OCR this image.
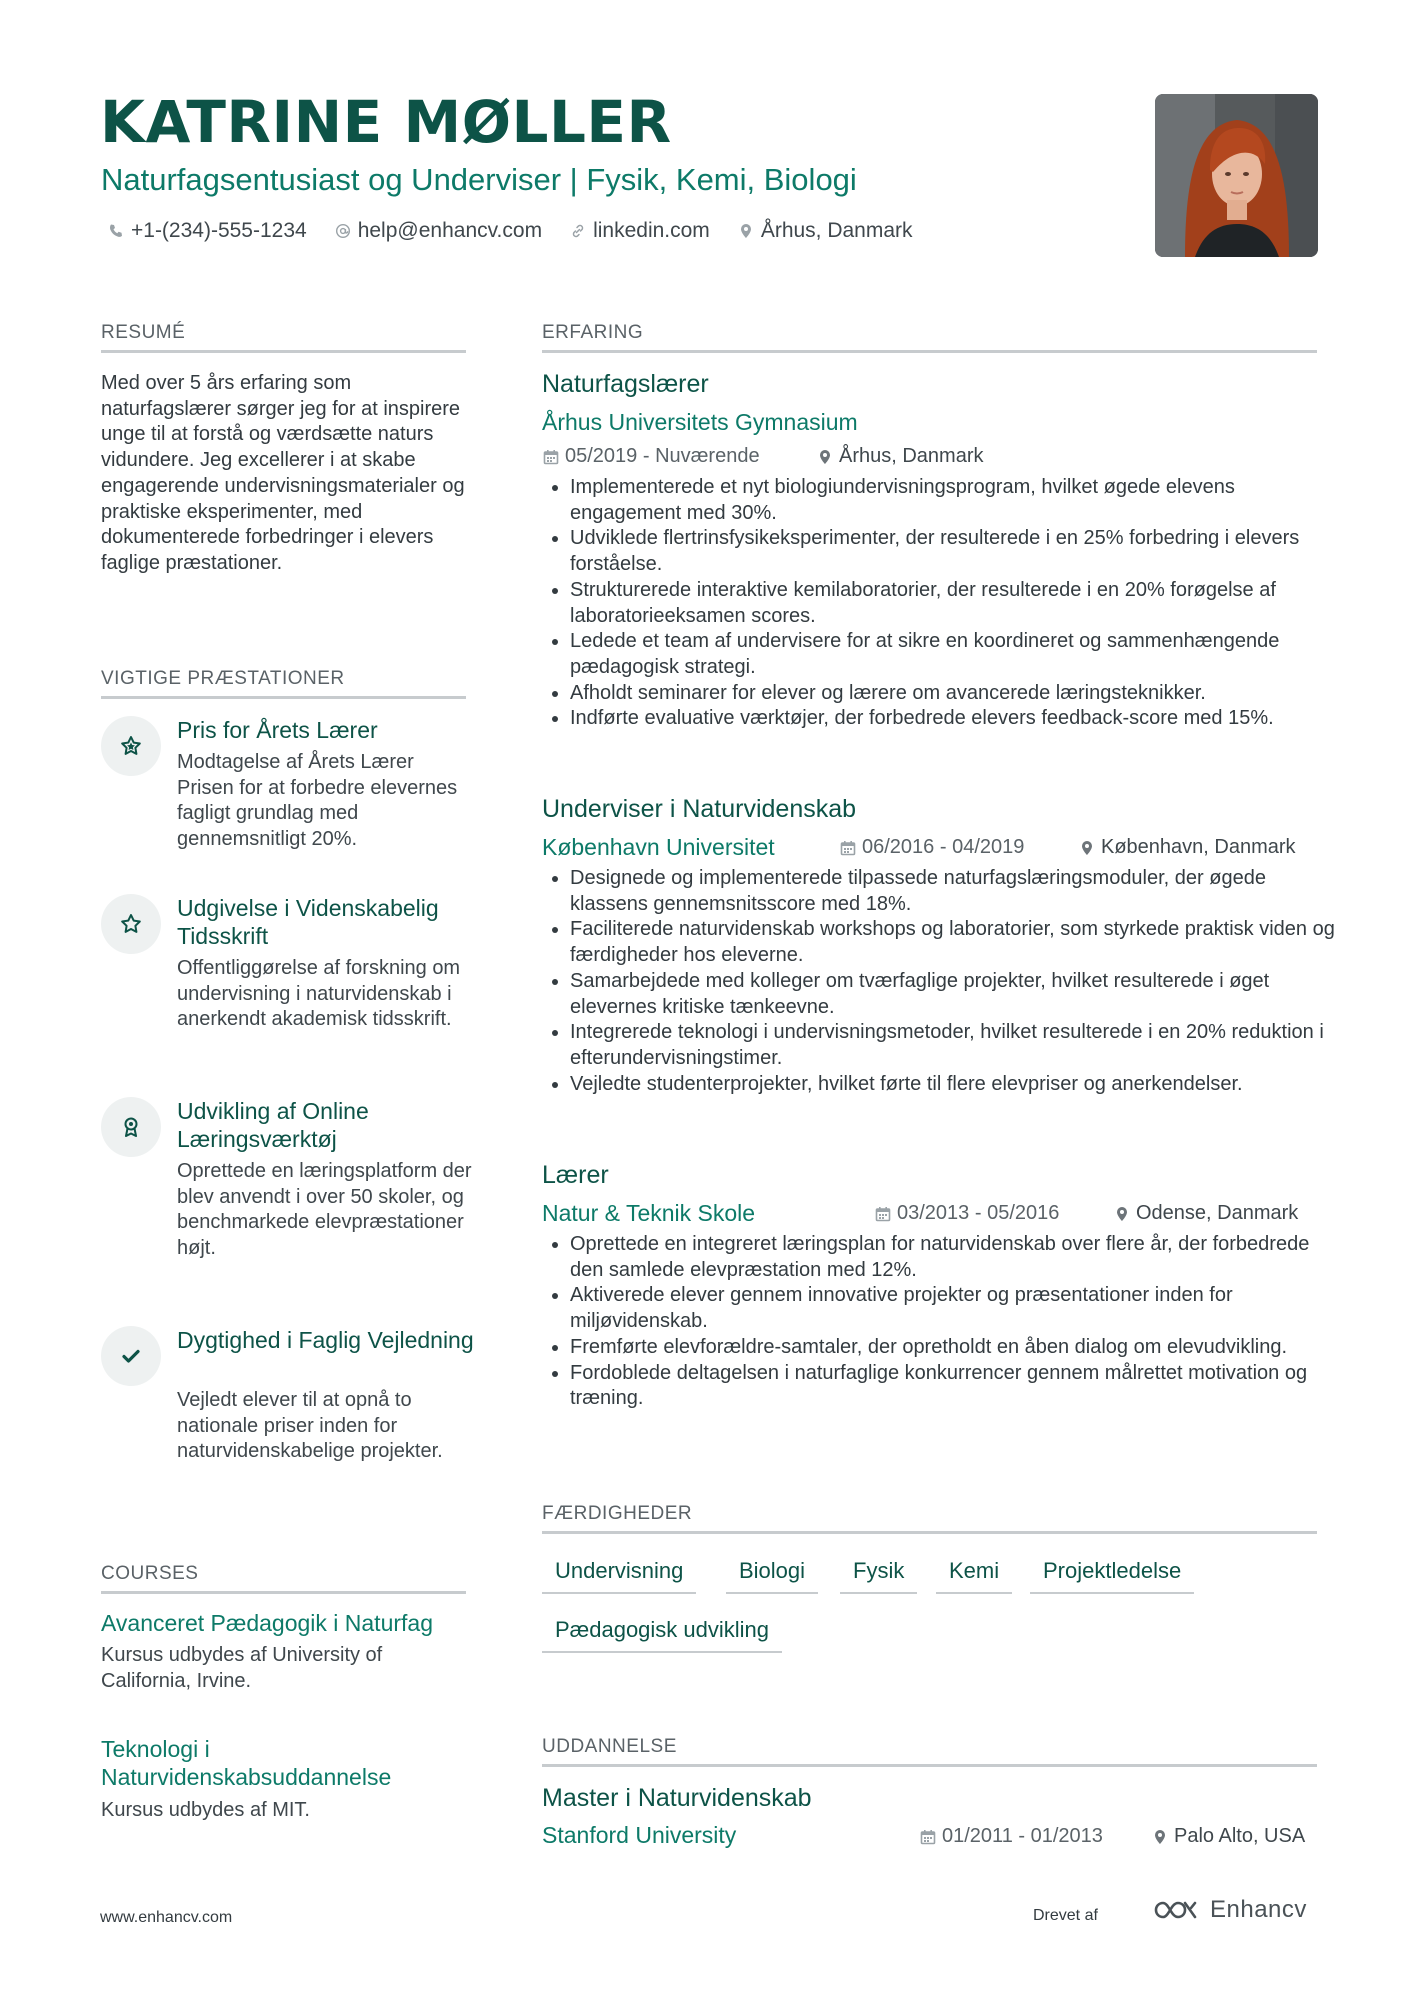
KATRINE MØLLER
Naturfagsentusiast og Underviser | Fysik, Kemi, Biologi
+1-(234)-555-1234 help@enhancv.com linkedin.com Århus, Danmark
RESUMÉ
Med over 5 års erfaring som naturfagslærer sørger jeg for at inspirere unge til at forstå og værdsætte naturs vidundere. Jeg excellerer i at skabe engagerende undervisningsmaterialer og praktiske eksperimenter, med dokumenterede forbedringer i elevers faglige præstationer.
VIGTIGE PRÆSTATIONER
Pris for Årets Lærer
Modtagelse af Årets Lærer Prisen for at forbedre elevernes fagligt grundlag med gennemsnitligt 20%.
Udgivelse i Videnskabelig Tidsskrift
Offentliggørelse af forskning om undervisning i naturvidenskab i anerkendt akademisk tidsskrift.
Udvikling af Online Læringsværktøj
Oprettede en læringsplatform der blev anvendt i over 50 skoler, og benchmarkede elevpræstationer højt.
Dygtighed i Faglig Vejledning
Vejledt elever til at opnå to nationale priser inden for naturvidenskabelige projekter.
COURSES
Avanceret Pædagogik i Naturfag
Kursus udbydes af University of California, Irvine.
Teknologi i Naturvidenskabsuddannelse
Kursus udbydes af MIT.
ERFARING
Naturfagslærer
Århus Universitets Gymnasium
05/2019 - Nuværende	Århus, Danmark
• Implementerede et nyt biologiundervisningsprogram, hvilket øgede elevens engagement med 30%.
• Udviklede flertrinsfysikeksperimenter, der resulterede i en 25% forbedring i elevers forståelse.
• Strukturerede interaktive kemilaboratorier, der resulterede i en 20% forøgelse af laboratorieeksamen scores.
• Ledede et team af undervisere for at sikre en koordineret og sammenhængende pædagogisk strategi.
• Afholdt seminarer for elever og lærere om avancerede læringsteknikker.
• Indførte evaluative værktøjer, der forbedrede elevers feedback-score med 15%.
Underviser i Naturvidenskab
København Universitet	06/2016 - 04/2019	København, Danmark
• Designede og implementerede tilpassede naturfagslæringsmoduler, der øgede klassens gennemsnitsscore med 18%.
• Faciliterede naturvidenskab workshops og laboratorier, som styrkede praktisk viden og færdigheder hos eleverne.
• Samarbejdede med kolleger om tværfaglige projekter, hvilket resulterede i øget elevernes kritiske tænkeevne.
• Integrerede teknologi i undervisningsmetoder, hvilket resulterede i en 20% reduktion i efterundervisningstimer.
• Vejledte studenterprojekter, hvilket førte til flere elevpriser og anerkendelser.
Lærer
Natur & Teknik Skole	03/2013 - 05/2016	Odense, Danmark
• Oprettede en integreret læringsplan for naturvidenskab over flere år, der forbedrede den samlede elevpræstation med 12%.
• Aktiverede elever gennem innovative projekter og præsentationer inden for miljøvidenskab.
• Fremførte elevforældre-samtaler, der opretholdt en åben dialog om elevudvikling.
• Fordoblede deltagelsen i naturfaglige konkurrencer gennem målrettet motivation og træning.
FÆRDIGHEDER
Undervisning	Biologi	Fysik	Kemi	Projektledelse
Pædagogisk udvikling
UDDANNELSE
Master i Naturvidenskab
Stanford University	01/2011 - 01/2013	Palo Alto, USA
www.enhancv.com	Drevet af	Enhancv
